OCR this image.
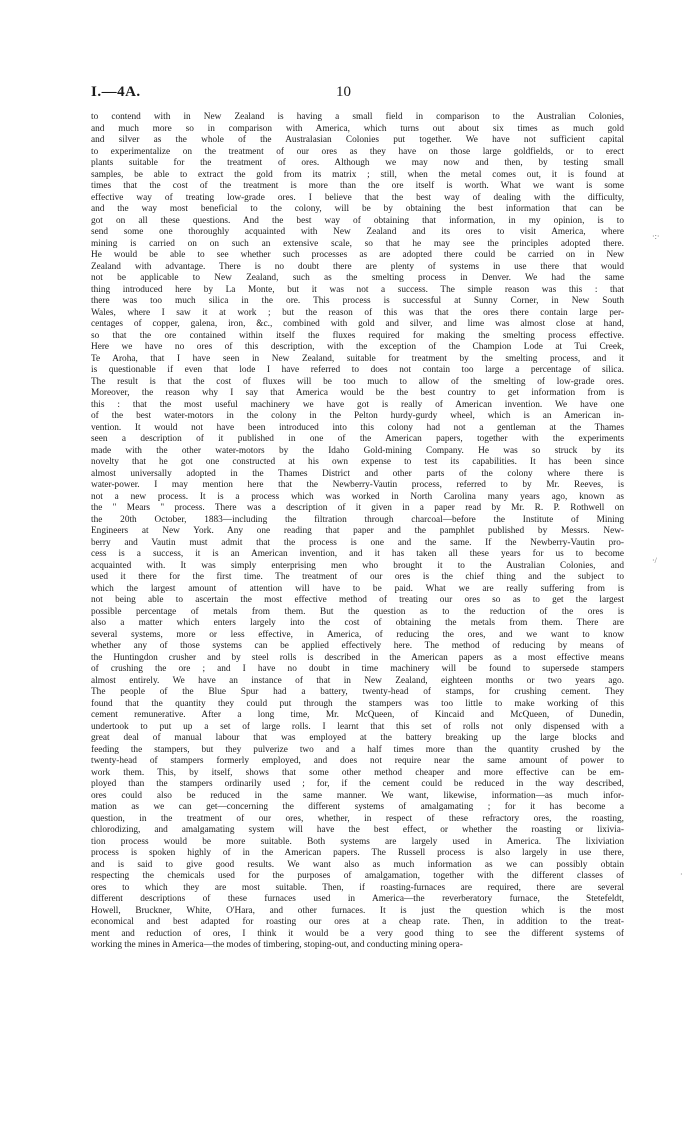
I.—4A.	10
to contend with in New Zealand is having a small field in comparison to the Australian Colonies,
and much more so in comparison with America, which turns out about six times as much gold
and silver as the whole of the Australasian Colonies put together. We have not sufficient capital
to experimentalize on the treatment of our ores as they have on those large goldfields, or to erect
plants suitable for the treatment of ores. Although we may now and then, by testing small
samples, be able to extract the gold from its matrix ; still, when the metal comes out, it is found at
times that the cost of the treatment is more than the ore itself is worth. What we want is some
effective way of treating low-grade ores. I believe that the best way of dealing with the difficulty,
and the way most beneficial to the colony, will be by obtaining the best information that can be
got on all these questions. And the best way of obtaining that information, in my opinion, is to
send some one thoroughly acquainted with New Zealand and its ores to visit America, where
mining is carried on on such an extensive scale, so that he may see the principles adopted there.
He would be able to see whether such processes as are adopted there could be carried on in New
Zealand with advantage. There is no doubt there are plenty of systems in use there that would
not be applicable to New Zealand, such as the smelting process in Denver. We had the same
thing introduced here by La Monte, but it was not a success. The simple reason was this : that
there was too much silica in the ore. This process is successful at Sunny Corner, in New South
Wales, where I saw it at work ; but the reason of this was that the ores there contain large per-
centages of copper, galena, iron, &c., combined with gold and silver, and lime was almost close at hand,
so that the ore contained within itself the fluxes required for making the smelting process effective.
Here we have no ores of this description, with the exception of the Champion Lode at Tui Creek,
Te Aroha, that I have seen in New Zealand, suitable for treatment by the smelting process, and it
is questionable if even that lode I have referred to does not contain too large a percentage of silica.
The result is that the cost of fluxes will be too much to allow of the smelting of low-grade ores.
Moreover, the reason why I say that America would be the best country to get information from is
this : that the most useful machinery we have got is really of American invention. We have one
of the best water-motors in the colony in the Pelton hurdy-gurdy wheel, which is an American in-
vention. It would not have been introduced into this colony had not a gentleman at the Thames
seen a description of it published in one of the American papers, together with the experiments
made with the other water-motors by the Idaho Gold-mining Company. He was so struck by its
novelty that he got one constructed at his own expense to test its capabilities. It has been since
almost universally adopted in the Thames District and other parts of the colony where there is
water-power. I may mention here that the Newberry-Vautin process, referred to by Mr. Reeves, is
not a new process. It is a process which was worked in North Carolina many years ago, known as
the " Mears " process. There was a description of it given in a paper read by Mr. R. P. Rothwell on
the 20th October, 1883—including the filtration through charcoal—before the Institute of Mining
Engineers at New York. Any one reading that paper and the pamphlet published by Messrs. New-
berry and Vautin must admit that the process is one and the same. If the Newberry-Vautin pro-
cess is a success, it is an American invention, and it has taken all these years for us to become
acquainted with. It was simply enterprising men who brought it to the Australian Colonies, and
used it there for the first time. The treatment of our ores is the chief thing and the subject to
which the largest amount of attention will have to be paid. What we are really suffering from is
not being able to ascertain the most effective method of treating our ores so as to get the largest
possible percentage of metals from them. But the question as to the reduction of the ores is
also a matter which enters largely into the cost of obtaining the metals from them. There are
several systems, more or less effective, in America, of reducing the ores, and we want to know
whether any of those systems can be applied effectively here. The method of reducing by means of
the Huntingdon crusher and by steel rolls is described in the American papers as a most effective means
of crushing the ore ; and I have no doubt in time machinery will be found to supersede stampers
almost entirely. We have an instance of that in New Zealand, eighteen months or two years ago.
The people of the Blue Spur had a battery, twenty-head of stamps, for crushing cement. They
found that the quantity they could put through the stampers was too little to make working of this
cement remunerative. After a long time, Mr. McQueen, of Kincaid and McQueen, of Dunedin,
undertook to put up a set of large rolls. I learnt that this set of rolls not only dispensed with a
great deal of manual labour that was employed at the battery breaking up the large blocks and
feeding the stampers, but they pulverize two and a half times more than the quantity crushed by the
twenty-head of stampers formerly employed, and does not require near the same amount of power to
work them. This, by itself, shows that some other method cheaper and more effective can be em-
ployed than the stampers ordinarily used ; for, if the cement could be reduced in the way described,
ores could also be reduced in the same manner. We want, likewise, information—as much infor-
mation as we can get—concerning the different systems of amalgamating ; for it has become a
question, in the treatment of our ores, whether, in respect of these refractory ores, the roasting,
chlorodizing, and amalgamating system will have the best effect, or whether the roasting or lixivia-
tion process would be more suitable. Both systems are largely used in America. The lixiviation
process is spoken highly of in the American papers. The Russell process is also largely in use there,
and is said to give good results. We want also as much information as we can possibly obtain
respecting the chemicals used for the purposes of amalgamation, together with the different classes of
ores to which they are most suitable. Then, if roasting-furnaces are required, there are several
different descriptions of these furnaces used in America—the reverberatory furnace, the Stetefeldt,
Howell, Bruckner, White, O'Hara, and other furnaces. It is just the question which is the most
economical and best adapted for roasting our ores at a cheap rate. Then, in addition to the treat-
ment and reduction of ores, I think it would be a very good thing to see the different systems of
working the mines in America—the modes of timbering, stoping-out, and conducting mining opera-
·:·
·/
·
